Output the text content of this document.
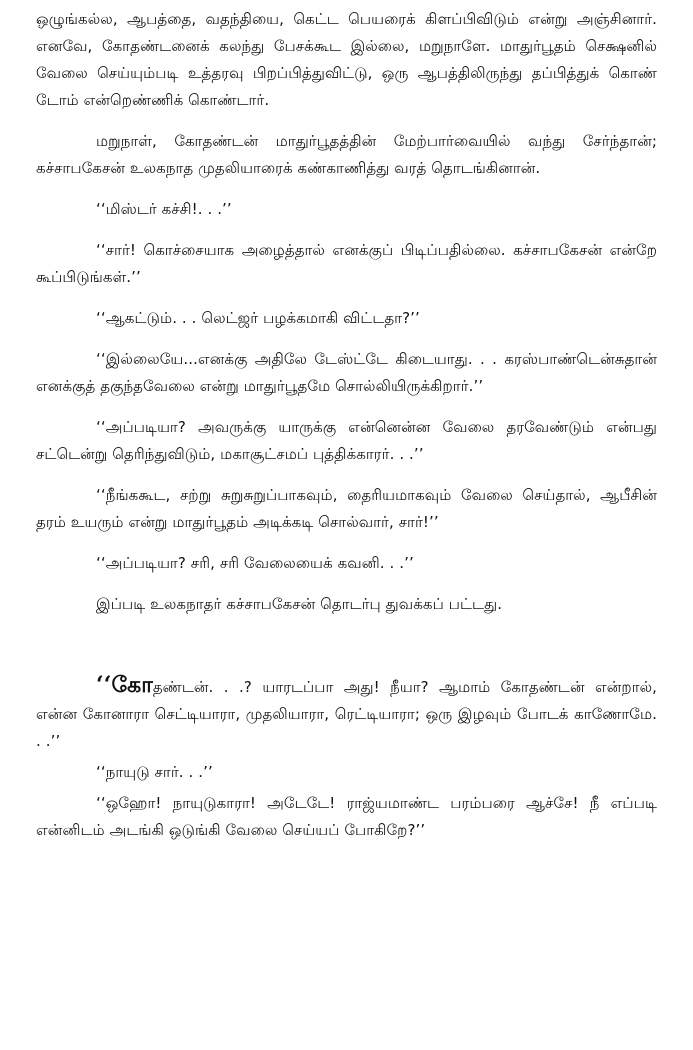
ஒழுங்கல்ல, ஆபத்தை, வதந்தியை, கெட்ட பெயரைக் கிளப்பிவிடும் என்று அஞ்சினார். எனவே, கோதண்டனைக் கலந்து பேசக்கூட இல்லை, மறுநாளே. மாதுர்பூதம் செக்ஷனில் வேலை செய்யும்படி உத்தரவு பிறப்பித்துவிட்டு, ஒரு ஆபத்திலிருந்து தப்பித்துக் கொண் டோம் என்றெண்ணிக் கொண்டார்.

மறுநாள், கோதண்டன் மாதுர்பூதத்தின் மேற்பார்வையில் வந்து சேர்ந்தான்; கச்சாபகேசன் உலகநாத முதலியாரைக் கண்காணித்து வரத் தொடங்கினான்.

‘‘மிஸ்டர் கச்சி!. . .’’

‘‘சார்! கொச்சையாக அழைத்தால் எனக்குப் பிடிப்பதில்லை. கச்சாபகேசன் என்றே கூப்பிடுங்கள்.’’

‘‘ஆகட்டும். . . லெட்ஜர் பழக்கமாகி விட்டதா?’’

‘‘இல்லையே...எனக்கு அதிலே டேஸ்ட்டே கிடையாது. . . கரஸ்பாண்டென்சுதான் எனக்குத் தகுந்தவேலை என்று மாதுர்பூதமே சொல்லியிருக்கிறார்.’’

‘‘அப்படியா? அவருக்கு யாருக்கு என்னென்ன வேலை தரவேண்டும் என்பது சட்டென்று தெரிந்துவிடும், மகாசூட்சமப் புத்திக்காரர். . .’’

‘‘நீங்ககூட, சற்று சுறுசுறுப்பாகவும், தைரியமாகவும் வேலை செய்தால், ஆபீசின் தரம் உயரும் என்று மாதுர்பூதம் அடிக்கடி சொல்வார், சார்!’’

‘‘அப்படியா? சரி, சரி வேலையைக் கவனி. . .’’

இப்படி உலகநாதர் கச்சாபகேசன் தொடர்பு துவக்கப் பட்டது.

‘‘கோதண்டன். . .? யாரடப்பா அது! நீயா? ஆமாம் கோதண்டன் என்றால், என்ன கோனாரா செட்டியாரா, முதலியாரா, ரெட்டியாரா; ஒரு இழவும் போடக் காணோமே. . .’’

‘‘நாயுடு சார். . .’’

‘‘ஒஹோ! நாயுடுகாரா! அடேடே! ராஜ்யமாண்ட பரம்பரை ஆச்சே! நீ எப்படி என்னிடம் அடங்கி ஒடுங்கி வேலை செய்யப் போகிறே?’’
